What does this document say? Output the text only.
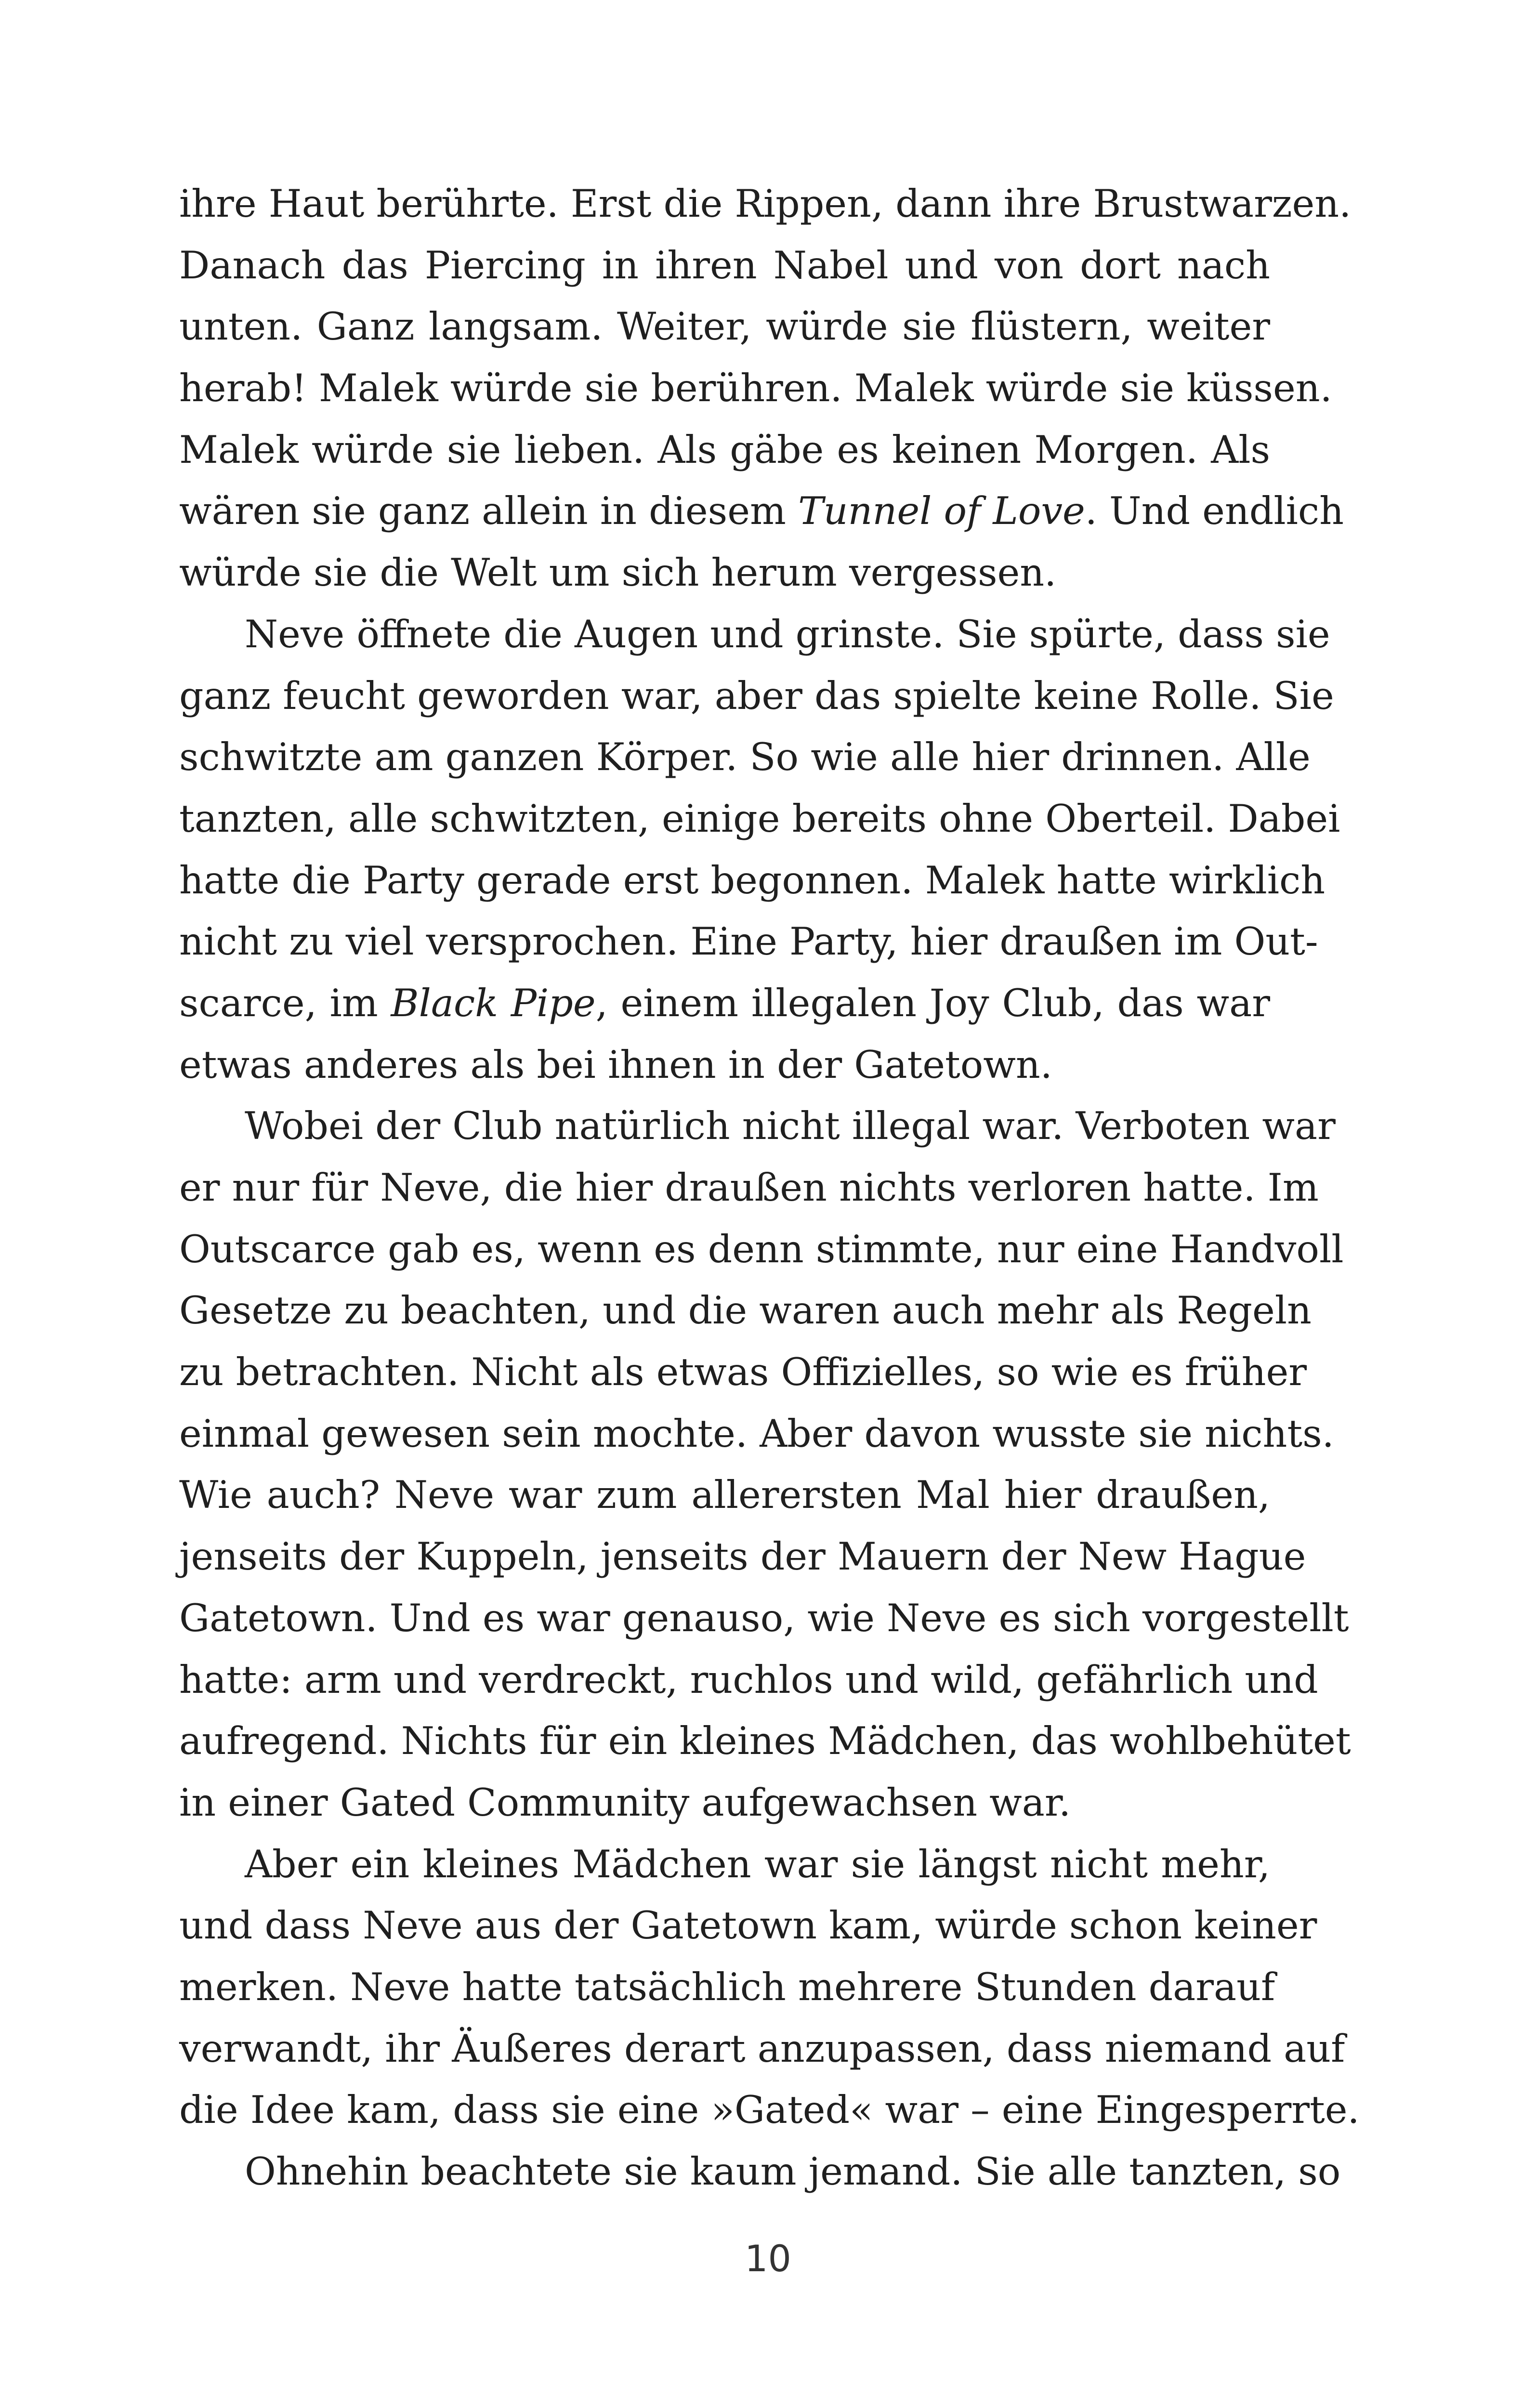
ihre Haut berührte. Erst die Rippen, dann ihre Brustwarzen.
Danach das Piercing in ihren Nabel und von dort nach
unten. Ganz langsam. Weiter, würde sie flüstern, weiter
herab! Malek würde sie berühren. Malek würde sie küssen.
Malek würde sie lieben. Als gäbe es keinen Morgen. Als
wären sie ganz allein in diesem Tunnel of Love. Und endlich
würde sie die Welt um sich herum vergessen.
Neve öffnete die Augen und grinste. Sie spürte, dass sie
ganz feucht geworden war, aber das spielte keine Rolle. Sie
schwitzte am ganzen Körper. So wie alle hier drinnen. Alle
tanzten, alle schwitzten, einige bereits ohne Oberteil. Dabei
hatte die Party gerade erst begonnen. Malek hatte wirklich
nicht zu viel versprochen. Eine Party, hier draußen im Out-
scarce, im Black Pipe, einem illegalen Joy Club, das war
etwas anderes als bei ihnen in der Gatetown.
Wobei der Club natürlich nicht illegal war. Verboten war
er nur für Neve, die hier draußen nichts verloren hatte. Im
Outscarce gab es, wenn es denn stimmte, nur eine Handvoll
Gesetze zu beachten, und die waren auch mehr als Regeln
zu betrachten. Nicht als etwas Offizielles, so wie es früher
einmal gewesen sein mochte. Aber davon wusste sie nichts.
Wie auch? Neve war zum allerersten Mal hier draußen,
jenseits der Kuppeln, jenseits der Mauern der New Hague
Gatetown. Und es war genauso, wie Neve es sich vorgestellt
hatte: arm und verdreckt, ruchlos und wild, gefährlich und
aufregend. Nichts für ein kleines Mädchen, das wohlbehütet
in einer Gated Community aufgewachsen war.
Aber ein kleines Mädchen war sie längst nicht mehr,
und dass Neve aus der Gatetown kam, würde schon keiner
merken. Neve hatte tatsächlich mehrere Stunden darauf
verwandt, ihr Äußeres derart anzupassen, dass niemand auf
die Idee kam, dass sie eine »Gated« war – eine Eingesperrte.
Ohnehin beachtete sie kaum jemand. Sie alle tanzten, so
10
